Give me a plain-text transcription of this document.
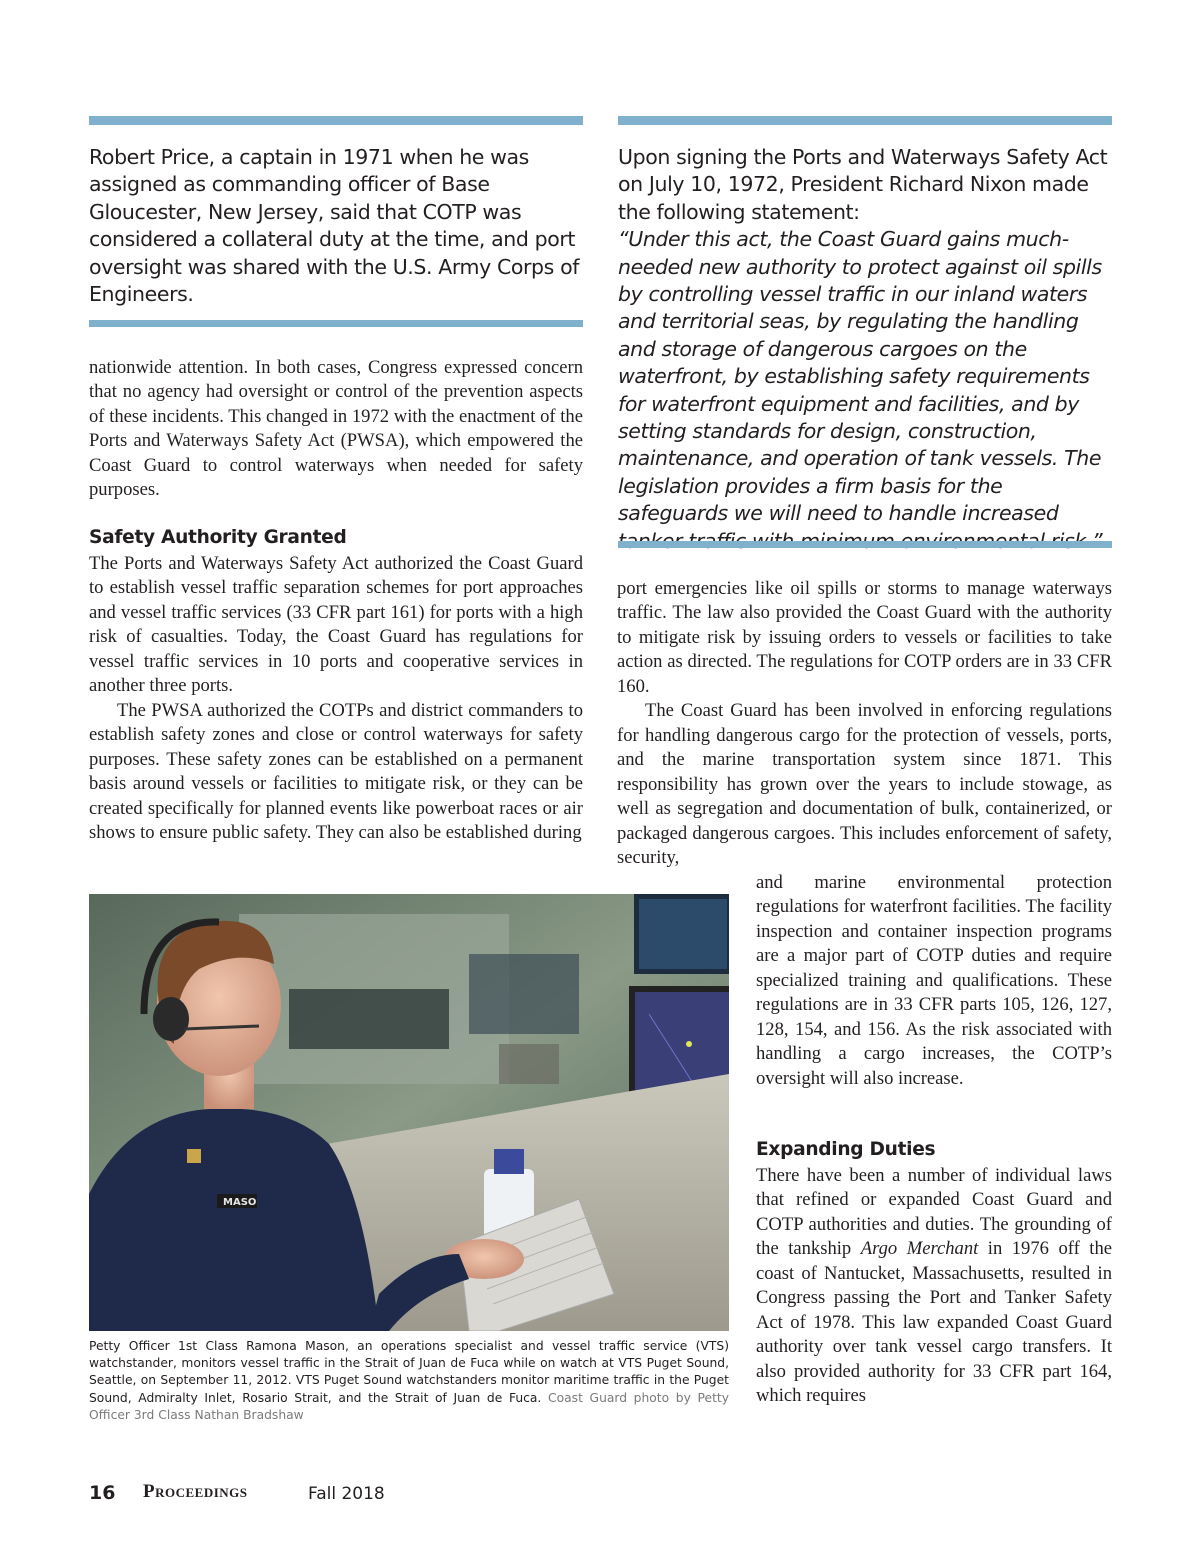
Robert Price, a captain in 1971 when he was assigned as commanding officer of Base Gloucester, New Jersey, said that COTP was considered a collateral duty at the time, and port oversight was shared with the U.S. Army Corps of Engineers.
Upon signing the Ports and Waterways Safety Act on July 10, 1972, President Richard Nixon made the following statement:
“Under this act, the Coast Guard gains much-needed new authority to protect against oil spills by controlling vessel traffic in our inland waters and territorial seas, by regulating the handling and storage of dangerous cargoes on the waterfront, by establishing safety requirements for waterfront equipment and facilities, and by setting standards for design, construction, maintenance, and operation of tank vessels. The legislation provides a firm basis for the safeguards we will need to handle increased

nationwide attention. In both cases, Congress expressed concern that no agency had oversight or control of the prevention aspects of these incidents. This changed in 1972 with the enactment of the Ports and Waterways Safety Act (PWSA), which empowered the Coast Guard to control waterways when needed for safety purposes.

Safety Authority Granted

The Ports and Waterways Safety Act authorized the Coast Guard to establish vessel traffic separation schemes for port approaches and vessel traffic services (33 CFR part 161) for ports with a high risk of casualties. Today, the Coast Guard has regulations for vessel traffic services in 10 ports and cooperative services in another three ports.

The PWSA authorized the COTPs and district commanders to establish safety zones and close or control waterways for safety purposes. These safety zones can be established on a permanent basis around vessels or facilities to mitigate risk, or they can be created specifically for planned events like powerboat races or air shows to ensure public safety. They can also be established during

port emergencies like oil spills or storms to manage waterways traffic. The law also provided the Coast Guard with the authority to mitigate risk by issuing orders to vessels or facilities to take action as directed. The regulations for COTP orders are in 33 CFR 160.

The Coast Guard has been involved in enforcing regulations for handling dangerous cargo for the protection of vessels, ports, and the marine transportation system since 1871. This responsibility has grown over the years to include stowage, as well as segregation and documentation of bulk, containerized, or packaged dangerous cargoes. This includes enforcement of safety, security,

and marine environmental protection regulations for waterfront facilities. The facility inspection and container inspection programs are a major part of COTP duties and require specialized training and qualifications. These regulations are in 33 CFR parts 105, 126, 127, 128, 154, and 156. As the risk associated with handling a cargo increases, the COTP’s oversight will also increase.

Expanding Duties

There have been a number of individual laws that refined or expanded Coast Guard and COTP authorities and duties. The grounding of the tankship Argo Merchant in 1976 off the coast of Nantucket, Massachusetts, resulted in Congress passing the Port and Tanker Safety Act of 1978. This law expanded Coast Guard authority over tank vessel cargo transfers. It also provided authority for 33 CFR part 164, which requires

MASO
Petty Officer 1st Class Ramona Mason, an operations specialist and vessel traffic service (VTS) watchstander, monitors vessel traffic in the Strait of Juan de Fuca while on watch at VTS Puget Sound, Seattle, on September 11, 2012. VTS Puget Sound watchstanders monitor maritime traffic in the Puget Sound, Admiralty Inlet, Rosario Strait, and the Strait of Juan de Fuca. Coast Guard photo by Petty Officer 3rd Class Nathan Bradshaw
16 Proceedings	Fall 2018
